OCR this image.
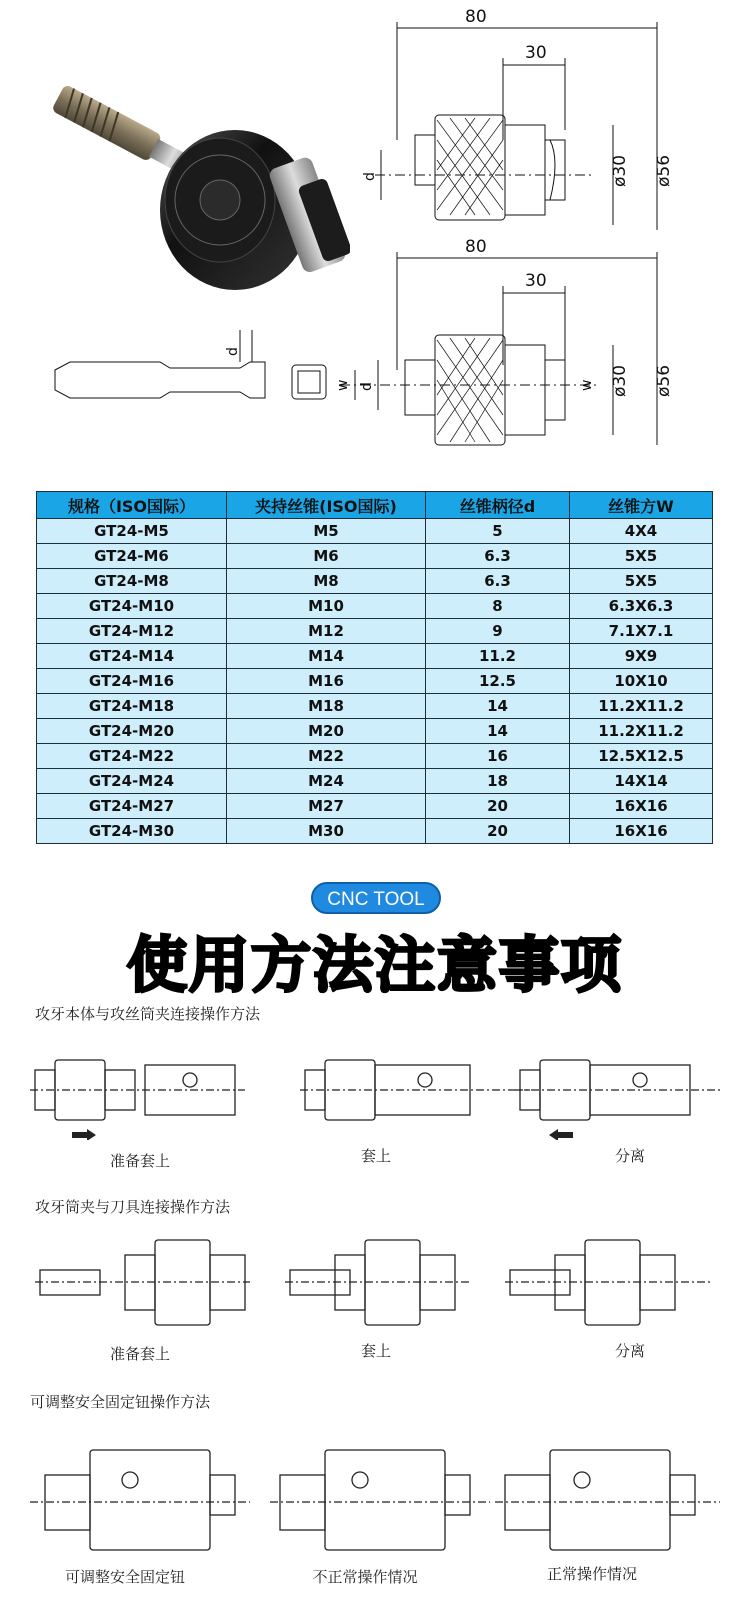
80
30
d	ø30 ø56
80
30
d
w d	w ø30 ø56
规格（ISO国际）	夹持丝锥(ISO国际)	丝锥柄径d	丝锥方W
GT24-M5	M5	5	4X4
GT24-M6	M6	6.3	5X5
GT24-M8	M8	6.3	5X5
GT24-M10	M10	8	6.3X6.3
GT24-M12	M12	9	7.1X7.1
GT24-M14	M14	11.2	9X9
GT24-M16	M16	12.5	10X10
GT24-M18	M18	14	11.2X11.2
GT24-M20	M20	14	11.2X11.2
GT24-M22	M22	16	12.5X12.5
GT24-M24	M24	18	14X14
GT24-M27	M27	20	16X16
GT24-M30	M30	20	16X16
CNC TOOL
使用方法注意事项
攻牙本体与攻丝筒夹连接操作方法
准备套上	套上	分离
攻牙筒夹与刀具连接操作方法
准备套上	套上	分离
可调整安全固定钮操作方法
可调整安全固定钮	不正常操作情况	正常操作情况
